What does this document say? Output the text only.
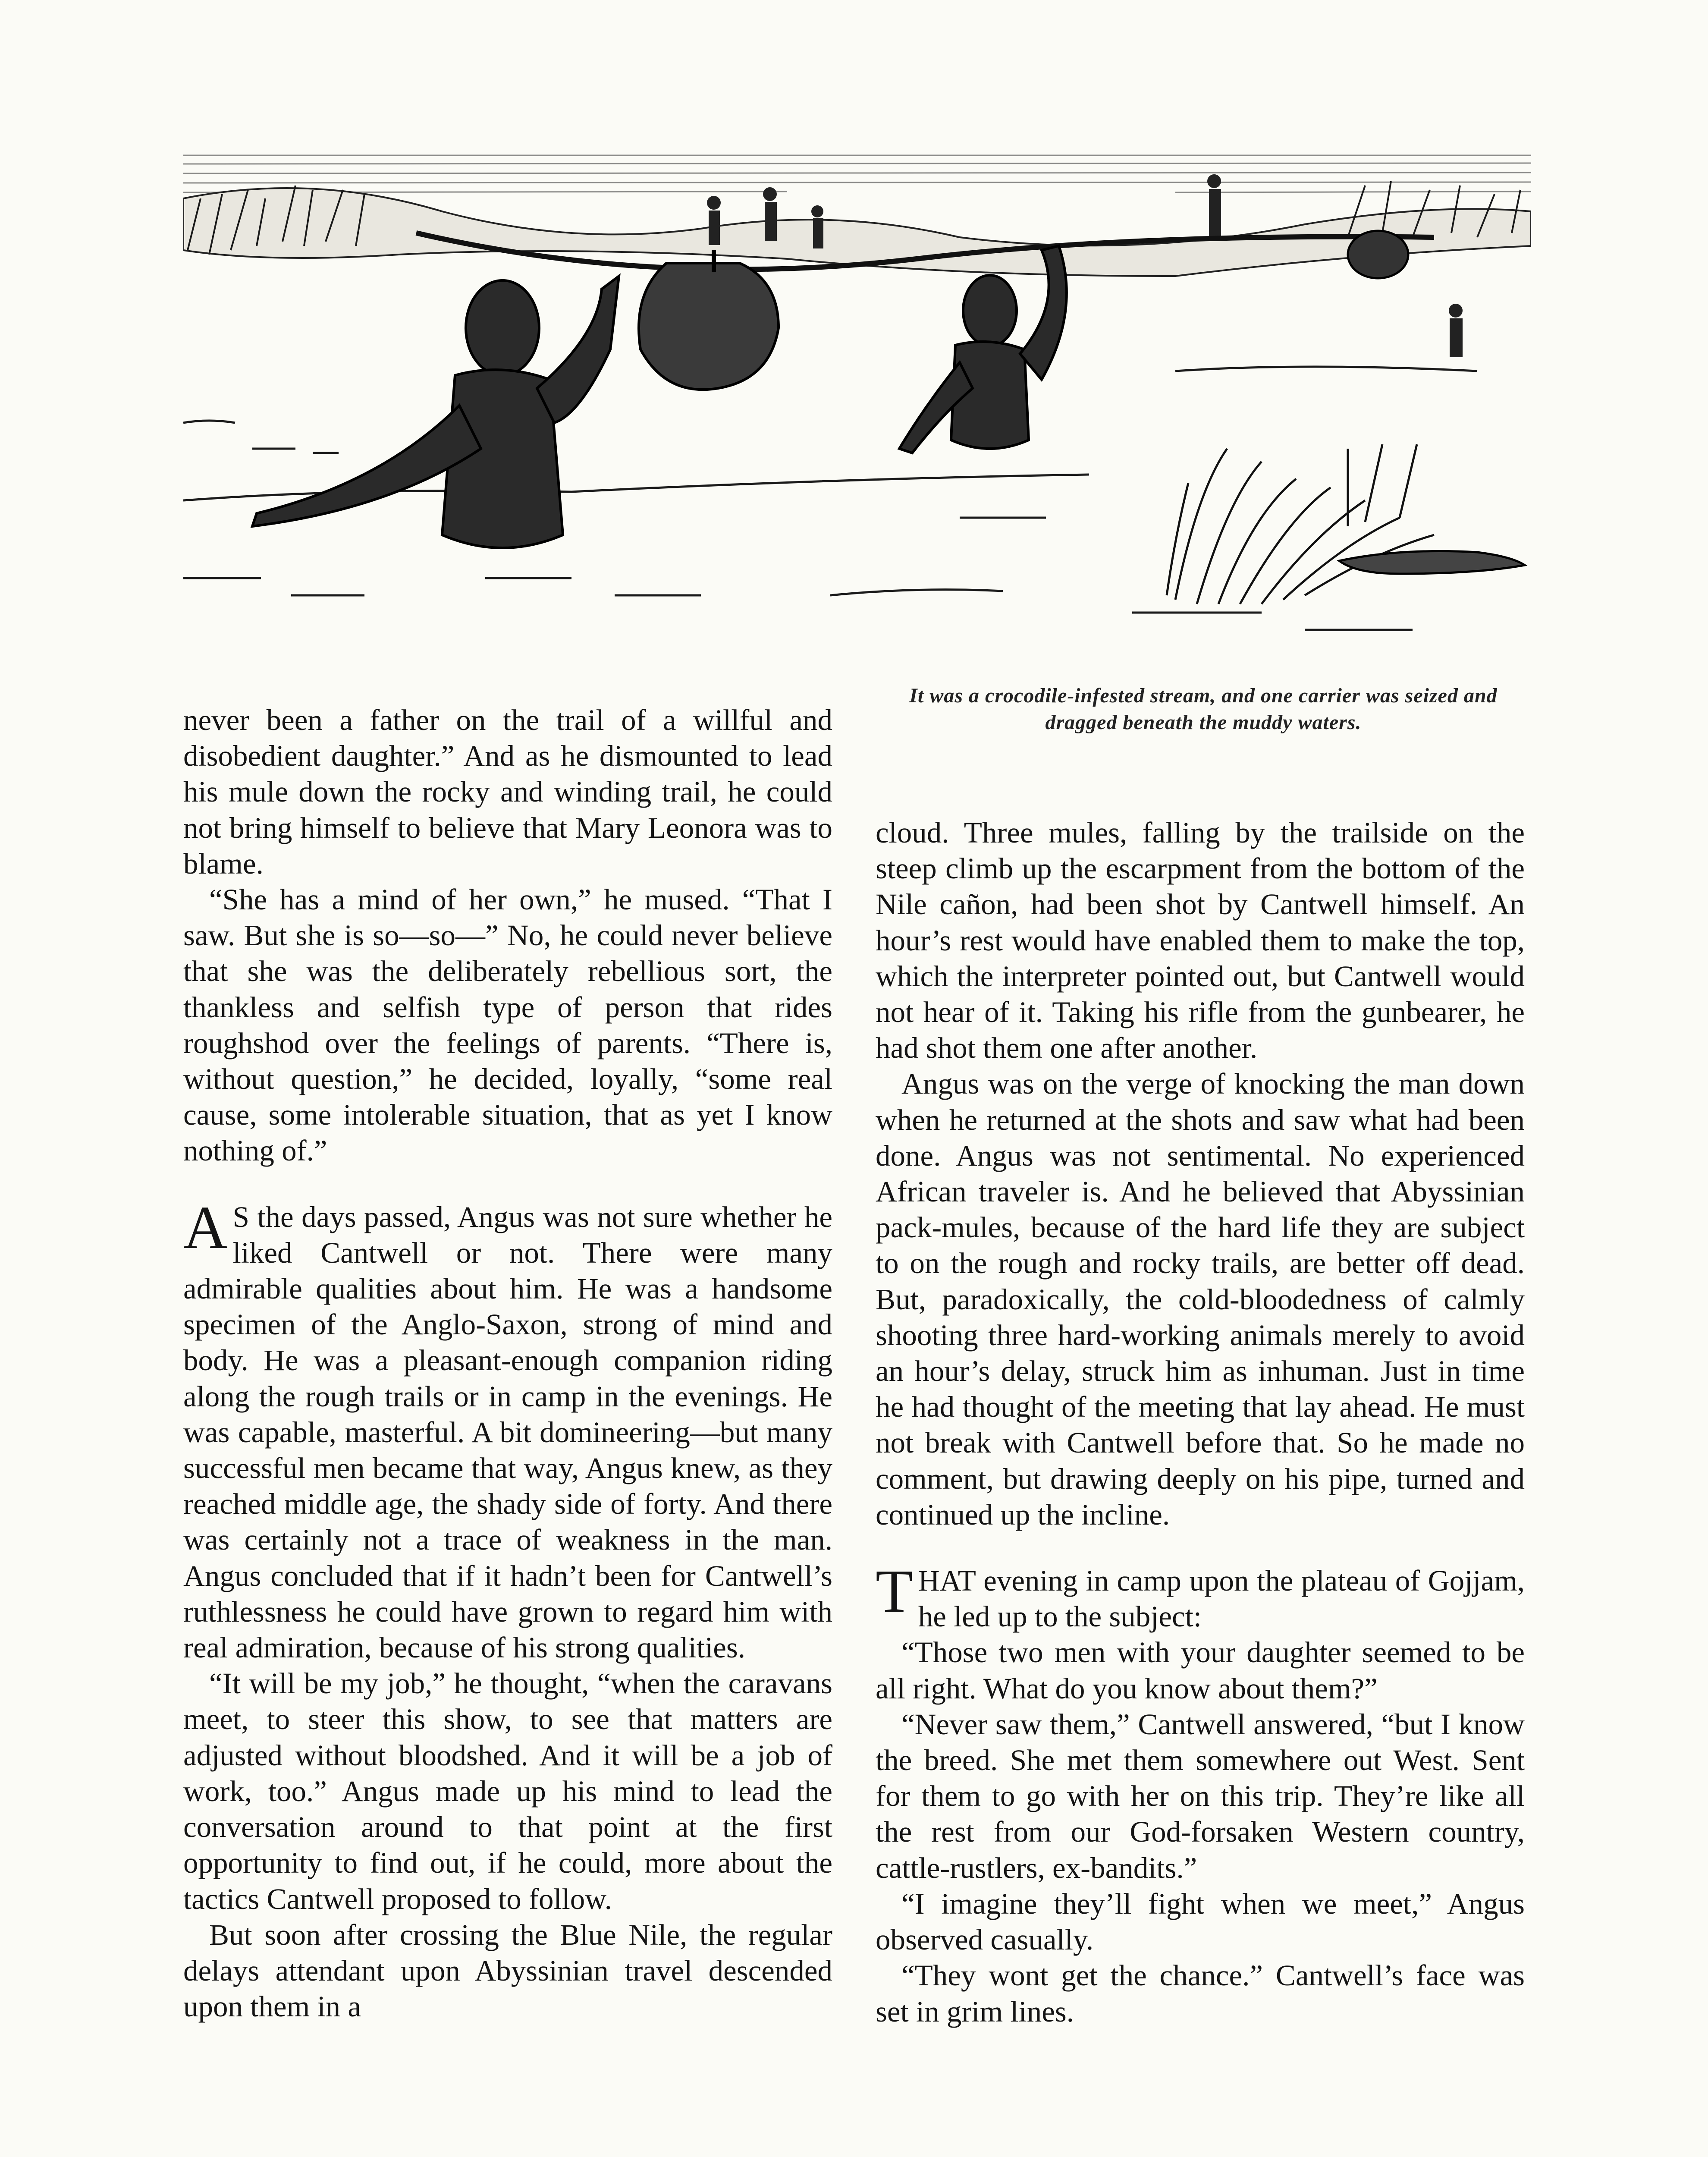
It was a crocodile-infested stream, and one carrier was seized and dragged beneath the muddy waters.

never been a father on the trail of a willful and disobedient daughter.” And as he dismounted to lead his mule down the rocky and winding trail, he could not bring himself to believe that Mary Leonora was to blame.

“She has a mind of her own,” he mused. “That I saw. But she is so—so—” No, he could never believe that she was the deliberately rebellious sort, the thankless and selfish type of person that rides roughshod over the feelings of parents. “There is, without question,” he decided, loyally, “some real cause, some intolerable situation, that as yet I know nothing of.”

A S the days passed, Angus was not sure whether he liked Cantwell or not. There were many admirable qualities about him. He was a handsome specimen of the Anglo-Saxon, strong of mind and body. He was a pleasant-enough companion riding along the rough trails or in camp in the evenings. He was capable, masterful. A bit domineering—but many successful men became that way, Angus knew, as they reached middle age, the shady side of forty. And there was certainly not a trace of weakness in the man. Angus concluded that if it hadn’t been for Cantwell’s ruthlessness he could have grown to regard him with real admiration, because of his strong qualities.

“It will be my job,” he thought, “when the caravans meet, to steer this show, to see that matters are adjusted without bloodshed. And it will be a job of work, too.” Angus made up his mind to lead the conversation around to that point at the first opportunity to find out, if he could, more about the tactics Cantwell proposed to follow.

But soon after crossing the Blue Nile, the regular delays attendant upon Abyssinian travel descended upon them in a

cloud. Three mules, falling by the trailside on the steep climb up the escarpment from the bottom of the Nile cañon, had been shot by Cantwell himself. An hour’s rest would have enabled them to make the top, which the interpreter pointed out, but Cantwell would not hear of it. Taking his rifle from the gunbearer, he had shot them one after another.

Angus was on the verge of knocking the man down when he returned at the shots and saw what had been done. Angus was not sentimental. No experienced African traveler is. And he believed that Abyssinian pack-mules, because of the hard life they are subject to on the rough and rocky trails, are better off dead. But, paradoxically, the cold-bloodedness of calmly shooting three hard-working animals merely to avoid an hour’s delay, struck him as inhuman. Just in time he had thought of the meeting that lay ahead. He must not break with Cantwell before that. So he made no comment, but drawing deeply on his pipe, turned and continued up the incline.

THAT evening in camp upon the plateau of Gojjam, he led up to the subject:

“Those two men with your daughter seemed to be all right. What do you know about them?”

“Never saw them,” Cantwell answered, “but I know the breed. She met them somewhere out West. Sent for them to go with her on this trip. They’re like all the rest from our God-forsaken Western country, cattle-rustlers, ex-bandits.”

“I imagine they’ll fight when we meet,” Angus observed casually.

“They wont get the chance.” Cantwell’s face was set in grim lines.
